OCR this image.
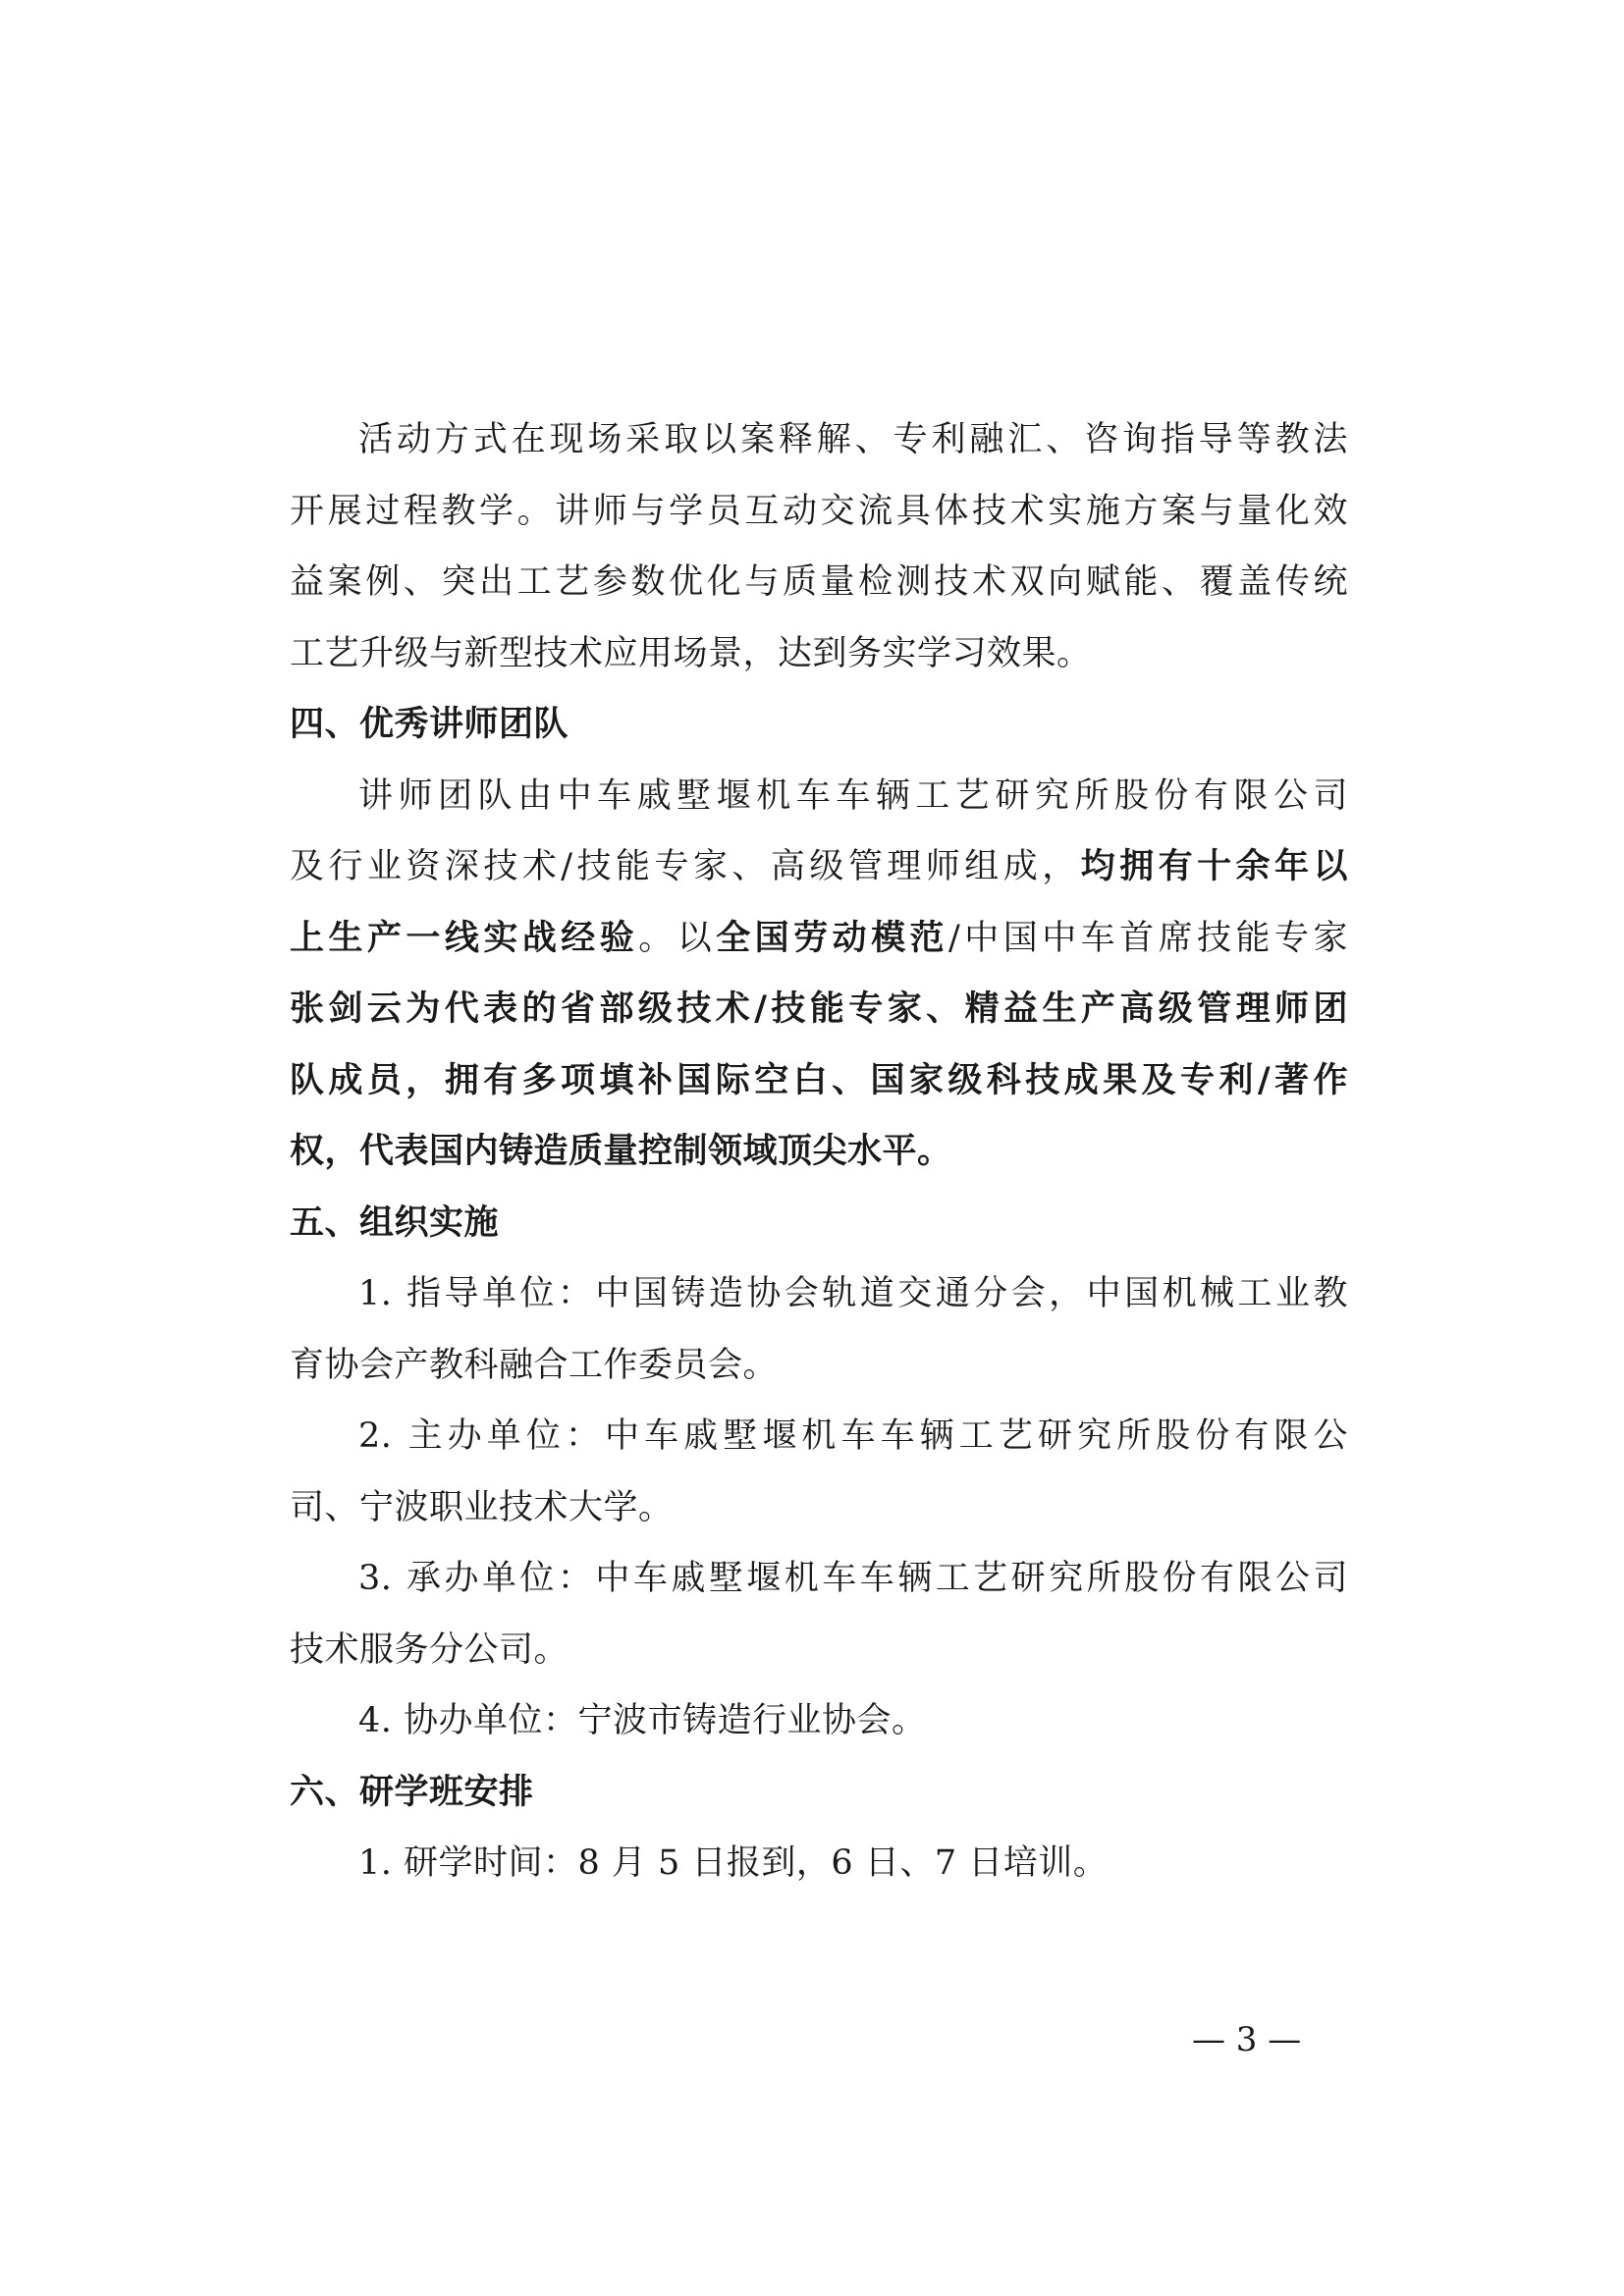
活动方式在现场采取以案释解、专利融汇、咨询指导等教法
开展过程教学。讲师与学员互动交流具体技术实施方案与量化效
益案例、突出工艺参数优化与质量检测技术双向赋能、覆盖传统
工艺升级与新型技术应用场景，达到务实学习效果。
四、优秀讲师团队
讲师团队由中车戚墅堰机车车辆工艺研究所股份有限公司
及行业资深技术/技能专家、高级管理师组成，均拥有十余年以
上生产一线实战经验。以全国劳动模范/中国中车首席技能专家
张剑云为代表的省部级技术/技能专家、精益生产高级管理师团
队成员，拥有多项填补国际空白、国家级科技成果及专利/著作
权，代表国内铸造质量控制领域顶尖水平。
五、组织实施
1. 指导单位：中国铸造协会轨道交通分会，中国机械工业教
育协会产教科融合工作委员会。
2. 主办单位：中车戚墅堰机车车辆工艺研究所股份有限公
司、宁波职业技术大学。
3. 承办单位：中车戚墅堰机车车辆工艺研究所股份有限公司
技术服务分公司。
4. 协办单位：宁波市铸造行业协会。
六、研学班安排
1. 研学时间：8 月 5 日报到，6 日、7 日培训。
— 3 —
